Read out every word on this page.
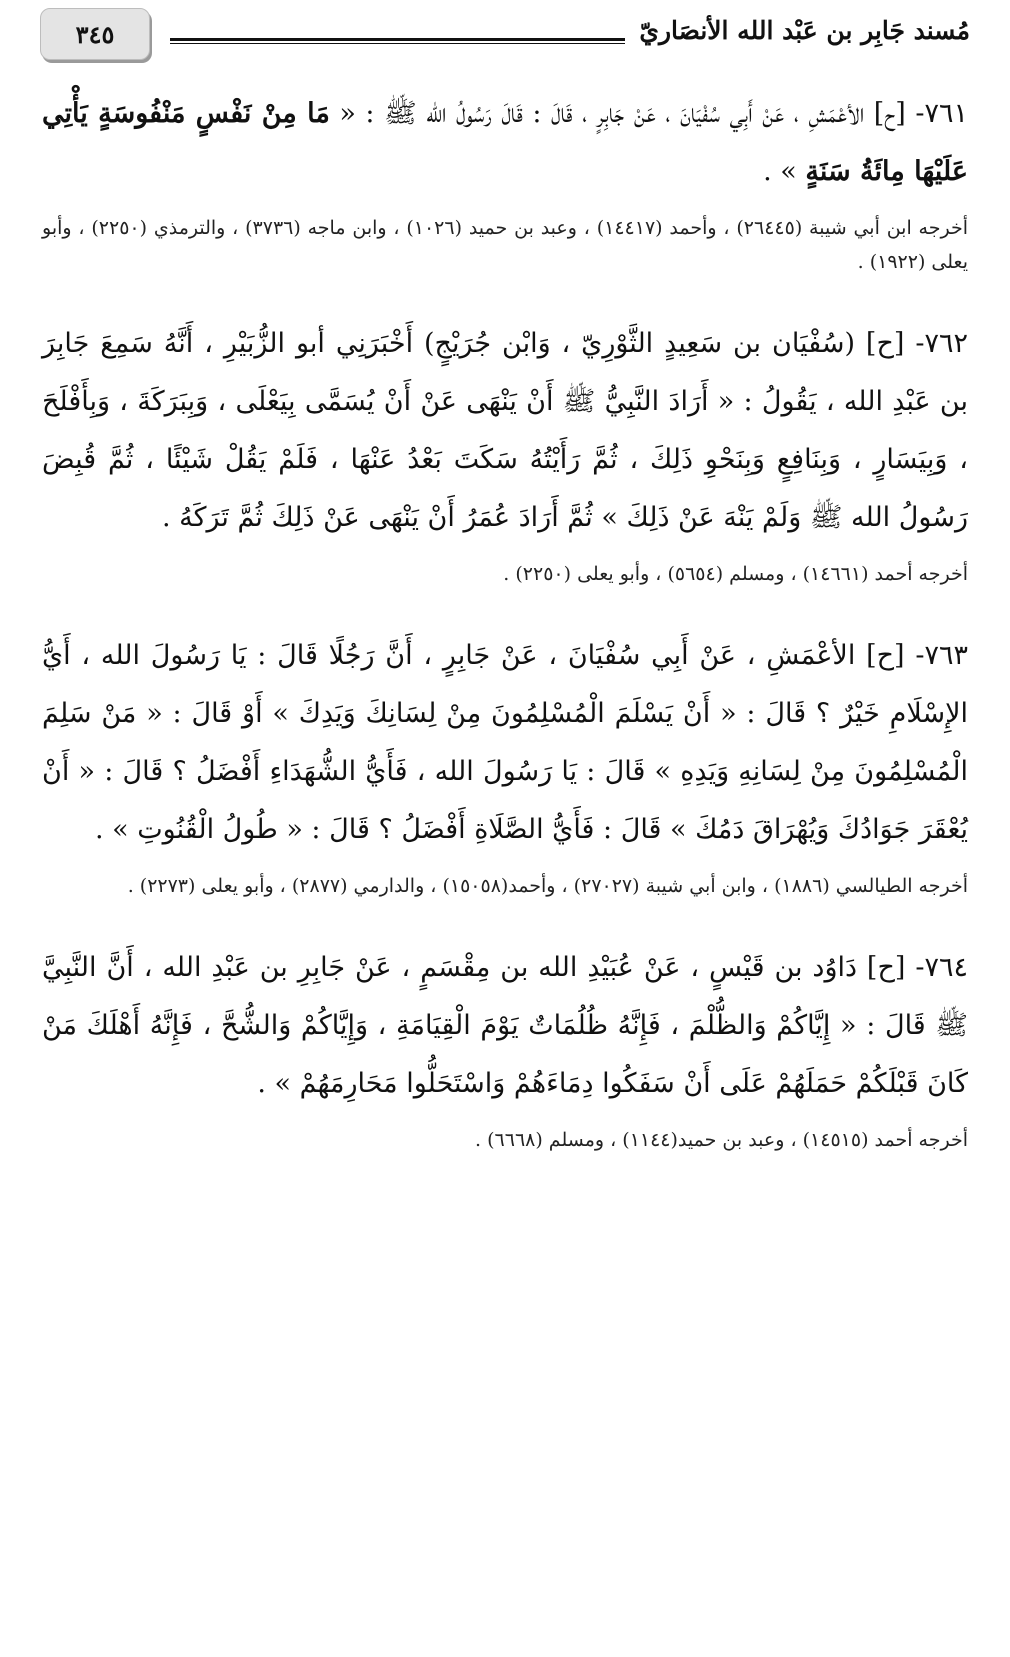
مُسند جَابِر بن عَبْد الله الأنصَاريّ
٣٤٥

٧٦١- [ح] الأعْمَشِ ، عَنْ أَبِي سُفْيَانَ ، عَنْ جَابِرٍ ، قَالَ : قَالَ رَسُولُ الله ﷺ : « مَا مِنْ نَفْسٍ مَنْفُوسَةٍ يَأْتِي عَلَيْهَا مِائَةُ سَنَةٍ » .

أخرجه ابن أبي شيبة (٢٦٤٤٥) ، وأحمد (١٤٤١٧) ، وعبد بن حميد (١٠٢٦) ، وابن ماجه (٣٧٣٦) ، والترمذي (٢٢٥٠) ، وأبو يعلى (١٩٢٢) .

٧٦٢- [ح] (سُفْيَان بن سَعِيدٍ الثَّوْرِيّ ، وَابْن جُرَيْجٍ) أَخْبَرَنِي أبو الزُّبَيْرِ ، أَنَّهُ سَمِعَ جَابِرَ بن عَبْدِ الله ، يَقُولُ : « أَرَادَ النَّبِيُّ ﷺ أَنْ يَنْهَى عَنْ أَنْ يُسَمَّى بِيَعْلَى ، وَبِبَرَكَةَ ، وَبِأَفْلَحَ ، وَبِيَسَارٍ ، وَبِنَافِعٍ وَبِنَحْوِ ذَلِكَ ، ثُمَّ رَأَيْتُهُ سَكَتَ بَعْدُ عَنْهَا ، فَلَمْ يَقُلْ شَيْئًا ، ثُمَّ قُبِضَ رَسُولُ الله ﷺ وَلَمْ يَنْهَ عَنْ ذَلِكَ » ثُمَّ أَرَادَ عُمَرُ أَنْ يَنْهَى عَنْ ذَلِكَ ثُمَّ تَرَكَهُ .

أخرجه أحمد (١٤٦٦١) ، ومسلم (٥٦٥٤) ، وأبو يعلى (٢٢٥٠) .

٧٦٣- [ح] الأعْمَشِ ، عَنْ أَبِي سُفْيَانَ ، عَنْ جَابِرٍ ، أَنَّ رَجُلًا قَالَ : يَا رَسُولَ الله ، أَيُّ الإِسْلَامِ خَيْرٌ ؟ قَالَ : « أَنْ يَسْلَمَ الْمُسْلِمُونَ مِنْ لِسَانِكَ وَيَدِكَ » أَوْ قَالَ : « مَنْ سَلِمَ الْمُسْلِمُونَ مِنْ لِسَانِهِ وَيَدِهِ » قَالَ : يَا رَسُولَ الله ، فَأَيُّ الشُّهَدَاءِ أَفْضَلُ ؟ قَالَ : « أَنْ يُعْقَرَ جَوَادُكَ وَيُهْرَاقَ دَمُكَ » قَالَ : فَأَيُّ الصَّلَاةِ أَفْضَلُ ؟ قَالَ : « طُولُ الْقُنُوتِ » .

أخرجه الطيالسي (١٨٨٦) ، وابن أبي شيبة (٢٧٠٢٧) ، وأحمد(١٥٠٥٨) ، والدارمي (٢٨٧٧) ، وأبو يعلى (٢٢٧٣) .

٧٦٤- [ح] دَاوُد بن قَيْسٍ ، عَنْ عُبَيْدِ الله بن مِقْسَمٍ ، عَنْ جَابِرِ بن عَبْدِ الله ، أَنَّ النَّبِيَّ ﷺ قَالَ : « إِيَّاكُمْ وَالظُّلْمَ ، فَإِنَّهُ ظُلُمَاتٌ يَوْمَ الْقِيَامَةِ ، وَإِيَّاكُمْ وَالشُّحَّ ، فَإِنَّهُ أَهْلَكَ مَنْ كَانَ قَبْلَكُمْ حَمَلَهُمْ عَلَى أَنْ سَفَكُوا دِمَاءَهُمْ وَاسْتَحَلُّوا مَحَارِمَهُمْ » .

أخرجه أحمد (١٤٥١٥) ، وعبد بن حميد(١١٤٤) ، ومسلم (٦٦٦٨) .
